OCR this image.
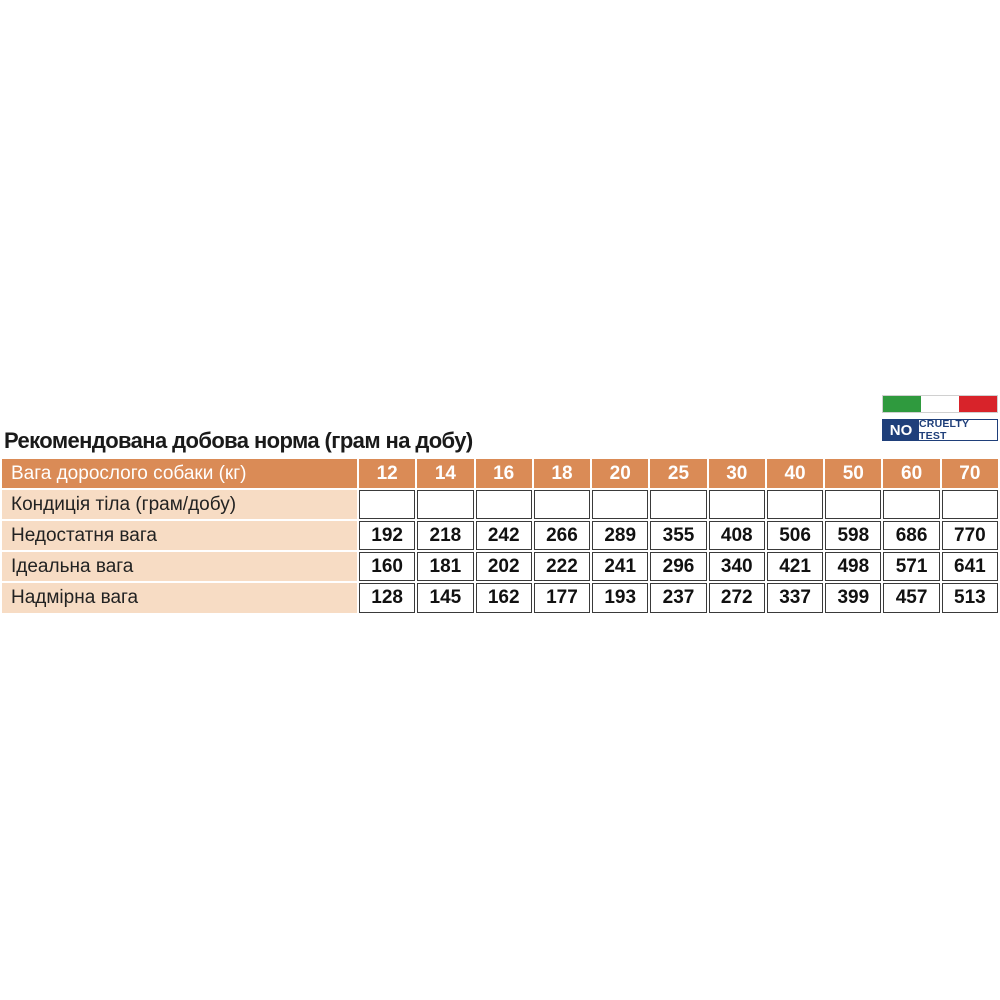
NO CRUELTY TEST
Рекомендована добова норма (грам на добу)
Вага дорослого собаки (кг)	12	14	16	18	20	25	30	40	50	60	70
Кондиція тіла (грам/добу)
Недостатня вага	192	218	242	266	289	355	408	506	598	686	770
Ідеальна вага	160	181	202	222	241	296	340	421	498	571	641
Надмірна вага	128	145	162	177	193	237	272	337	399	457	513
